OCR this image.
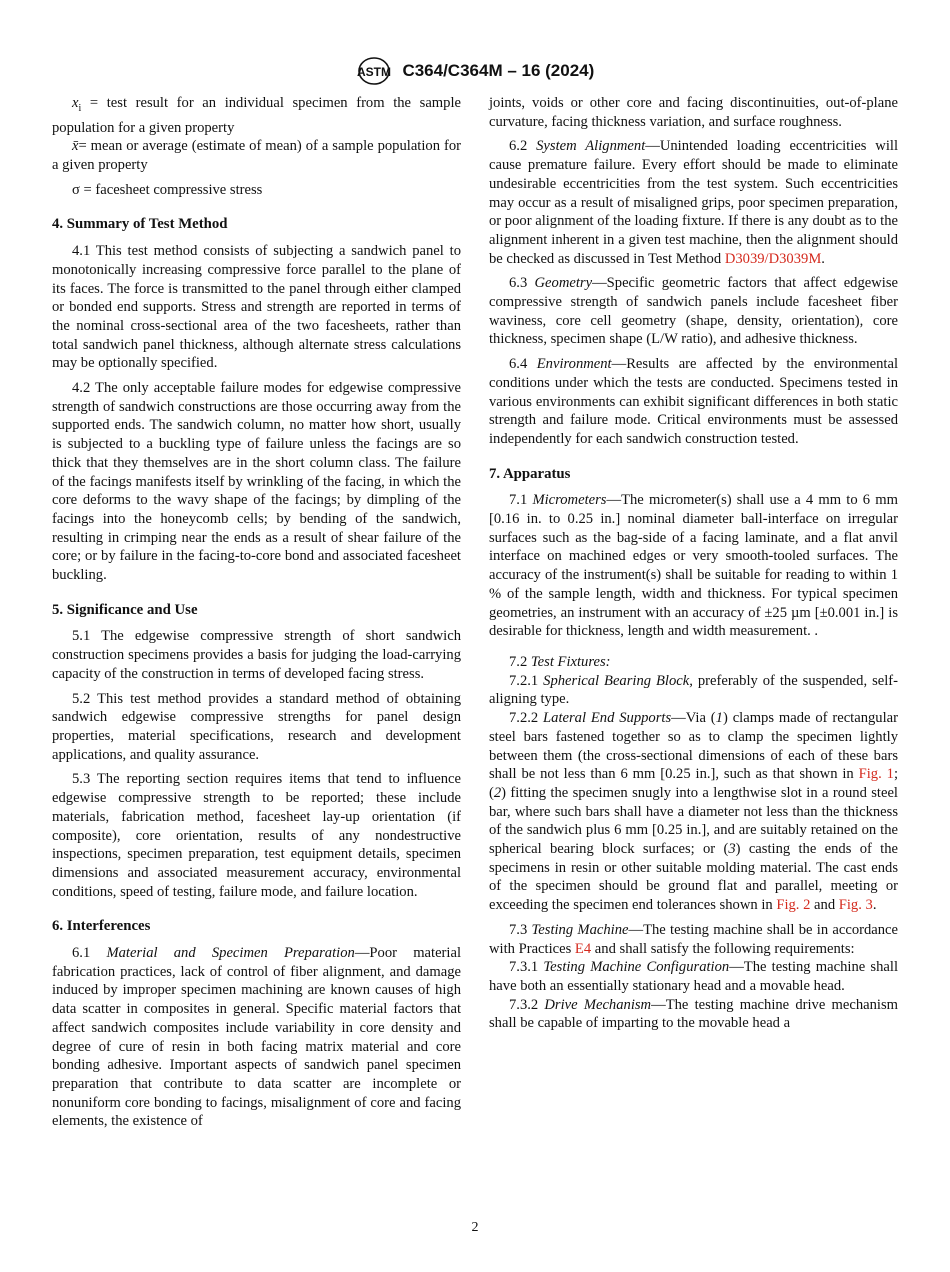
ASTM C364/C364M – 16 (2024)
$x_i$ = test result for an individual specimen from the sample population for a given property
x̄= mean or average (estimate of mean) of a sample population for a given property
σ = facesheet compressive stress
4. Summary of Test Method
4.1 This test method consists of subjecting a sandwich panel to monotonically increasing compressive force parallel to the plane of its faces. The force is transmitted to the panel through either clamped or bonded end supports. Stress and strength are reported in terms of the nominal cross-sectional area of the two facesheets, rather than total sandwich panel thickness, although alternate stress calculations may be optionally specified.
4.2 The only acceptable failure modes for edgewise compressive strength of sandwich constructions are those occurring away from the supported ends. The sandwich column, no matter how short, usually is subjected to a buckling type of failure unless the facings are so thick that they themselves are in the short column class. The failure of the facings manifests itself by wrinkling of the facing, in which the core deforms to the wavy shape of the facings; by dimpling of the facings into the honeycomb cells; by bending of the sandwich, resulting in crimping near the ends as a result of shear failure of the core; or by failure in the facing-to-core bond and associated facesheet buckling.
5. Significance and Use
5.1 The edgewise compressive strength of short sandwich construction specimens provides a basis for judging the load-carrying capacity of the construction in terms of developed facing stress.
5.2 This test method provides a standard method of obtaining sandwich edgewise compressive strengths for panel design properties, material specifications, research and development applications, and quality assurance.
5.3 The reporting section requires items that tend to influence edgewise compressive strength to be reported; these include materials, fabrication method, facesheet lay-up orientation (if composite), core orientation, results of any nondestructive inspections, specimen preparation, test equipment details, specimen dimensions and associated measurement accuracy, environmental conditions, speed of testing, failure mode, and failure location.
6. Interferences
6.1 Material and Specimen Preparation—Poor material fabrication practices, lack of control of fiber alignment, and damage induced by improper specimen machining are known causes of high data scatter in composites in general. Specific material factors that affect sandwich composites include variability in core density and degree of cure of resin in both facing matrix material and core bonding adhesive. Important aspects of sandwich panel specimen preparation that contribute to data scatter are incomplete or nonuniform core bonding to facings, misalignment of core and facing elements, the existence of
joints, voids or other core and facing discontinuities, out-of-plane curvature, facing thickness variation, and surface roughness.
6.2 System Alignment—Unintended loading eccentricities will cause premature failure. Every effort should be made to eliminate undesirable eccentricities from the test system. Such eccentricities may occur as a result of misaligned grips, poor specimen preparation, or poor alignment of the loading fixture. If there is any doubt as to the alignment inherent in a given test machine, then the alignment should be checked as discussed in Test Method D3039/D3039M.
6.3 Geometry—Specific geometric factors that affect edgewise compressive strength of sandwich panels include facesheet fiber waviness, core cell geometry (shape, density, orientation), core thickness, specimen shape (L/W ratio), and adhesive thickness.
6.4 Environment—Results are affected by the environmental conditions under which the tests are conducted. Specimens tested in various environments can exhibit significant differences in both static strength and failure mode. Critical environments must be assessed independently for each sandwich construction tested.
7. Apparatus
7.1 Micrometers—The micrometer(s) shall use a 4 mm to 6 mm [0.16 in. to 0.25 in.] nominal diameter ball-interface on irregular surfaces such as the bag-side of a facing laminate, and a flat anvil interface on machined edges or very smooth-tooled surfaces. The accuracy of the instrument(s) shall be suitable for reading to within 1 % of the sample length, width and thickness. For typical specimen geometries, an instrument with an accuracy of ±25 µm [±0.001 in.] is desirable for thickness, length and width measurement. .
7.2 Test Fixtures:
7.2.1 Spherical Bearing Block, preferably of the suspended, self-aligning type.
7.2.2 Lateral End Supports—Via (1) clamps made of rectangular steel bars fastened together so as to clamp the specimen lightly between them (the cross-sectional dimensions of each of these bars shall be not less than 6 mm [0.25 in.], such as that shown in Fig. 1; (2) fitting the specimen snugly into a lengthwise slot in a round steel bar, where such bars shall have a diameter not less than the thickness of the sandwich plus 6 mm [0.25 in.], and are suitably retained on the spherical bearing block surfaces; or (3) casting the ends of the specimens in resin or other suitable molding material. The cast ends of the specimen should be ground flat and parallel, meeting or exceeding the specimen end tolerances shown in Fig. 2 and Fig. 3.
7.3 Testing Machine—The testing machine shall be in accordance with Practices E4 and shall satisfy the following requirements:
7.3.1 Testing Machine Configuration—The testing machine shall have both an essentially stationary head and a movable head.
7.3.2 Drive Mechanism—The testing machine drive mechanism shall be capable of imparting to the movable head a
2
